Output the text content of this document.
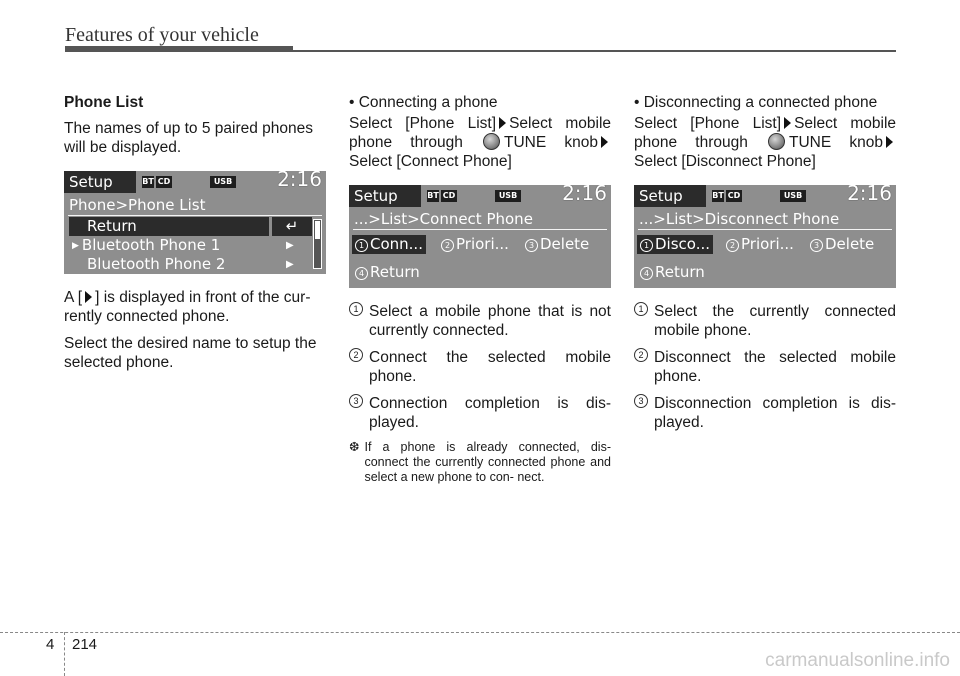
Features of your vehicle

Phone List

The names of up to 5 paired phones
will be displayed.

Setup	BT CD	USB 2:16
Phone>Phone List
Return	↵
▶ Bluetooth Phone 1	▶
Bluetooth Phone 2	▶

A [ ] is displayed in front of the cur-
rently connected phone.

Select the desired name to setup the
selected phone.

• Connecting a phone

Select [Phone List] Select mobile
phone through	TUNE knob
Select [Connect Phone]
Setup	BT CD	USB 2:16
...>List>Connect Phone
1 Conn...	2 Priori...	3 Delete
4 Return
1 Select a mobile phone that is not currently connected.
2 Connect the selected mobile phone.
3 Connection completion is dis- played.
❆ If a phone is already connected, dis- connect the currently connected phone and select a new phone to con- nect.

• Disconnecting a connected phone

Select [Phone List] Select mobile
phone through	TUNE knob
Select [Disconnect Phone]
Setup	BT CD	USB 2:16
...>List>Disconnect Phone
1 Disco...	2 Priori...	3 Delete
4 Return
1 Select the currently connected mobile phone.
2 Disconnect the selected mobile phone.
3 Disconnection completion is dis- played.
4 214
carmanualsonline.info
